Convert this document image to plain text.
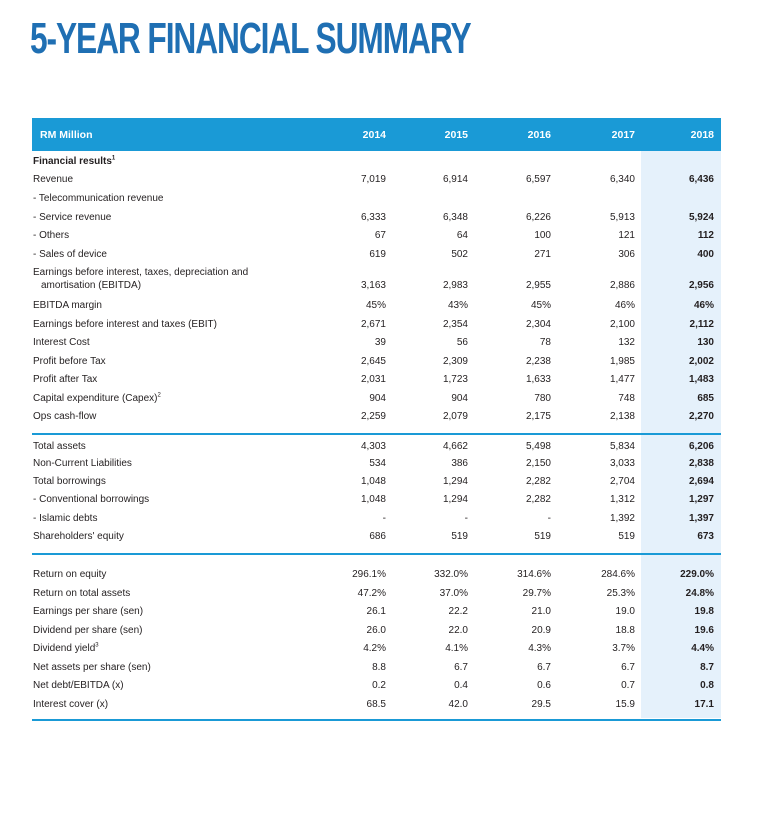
5-YEAR FINANCIAL SUMMARY
RM Million	2014	2015	2016	2017	2018
Financial results$^1$
Revenue	7,019	6,914	6,597	6,340	6,436
- Telecommunication revenue
- Service revenue	6,333	6,348	6,226	5,913	5,924
- Others	67	64	100	121	112
- Sales of device	619	502	271	306	400
Earnings before interest, taxes, depreciation and
amortisation (EBITDA)	3,163	2,983	2,955	2,886	2,956
EBITDA margin	45%	43%	45%	46%	46%
Earnings before interest and taxes (EBIT)	2,671	2,354	2,304	2,100	2,112
Interest Cost	39	56	78	132	130
Profit before Tax	2,645	2,309	2,238	1,985	2,002
Profit after Tax	2,031	1,723	1,633	1,477	1,483
Capital expenditure (Capex)$^2$	904	904	780	748	685
Ops cash-flow	2,259	2,079	2,175	2,138	2,270
Total assets	4,303	4,662	5,498	5,834	6,206
Non-Current Liabilities	534	386	2,150	3,033	2,838
Total borrowings	1,048	1,294	2,282	2,704	2,694
- Conventional borrowings	1,048	1,294	2,282	1,312	1,297
- Islamic debts	-	-	-	1,392	1,397
Shareholders' equity	686	519	519	519	673
Return on equity	296.1%	332.0%	314.6%	284.6%	229.0%
Return on total assets	47.2%	37.0%	29.7%	25.3%	24.8%
Earnings per share (sen)	26.1	22.2	21.0	19.0	19.8
Dividend per share (sen)	26.0	22.0	20.9	18.8	19.6
Dividend yield$^3$	4.2%	4.1%	4.3%	3.7%	4.4%
Net assets per share (sen)	8.8	6.7	6.7	6.7	8.7
Net debt/EBITDA (x)	0.2	0.4	0.6	0.7	0.8
Interest cover (x)	68.5	42.0	29.5	15.9	17.1
